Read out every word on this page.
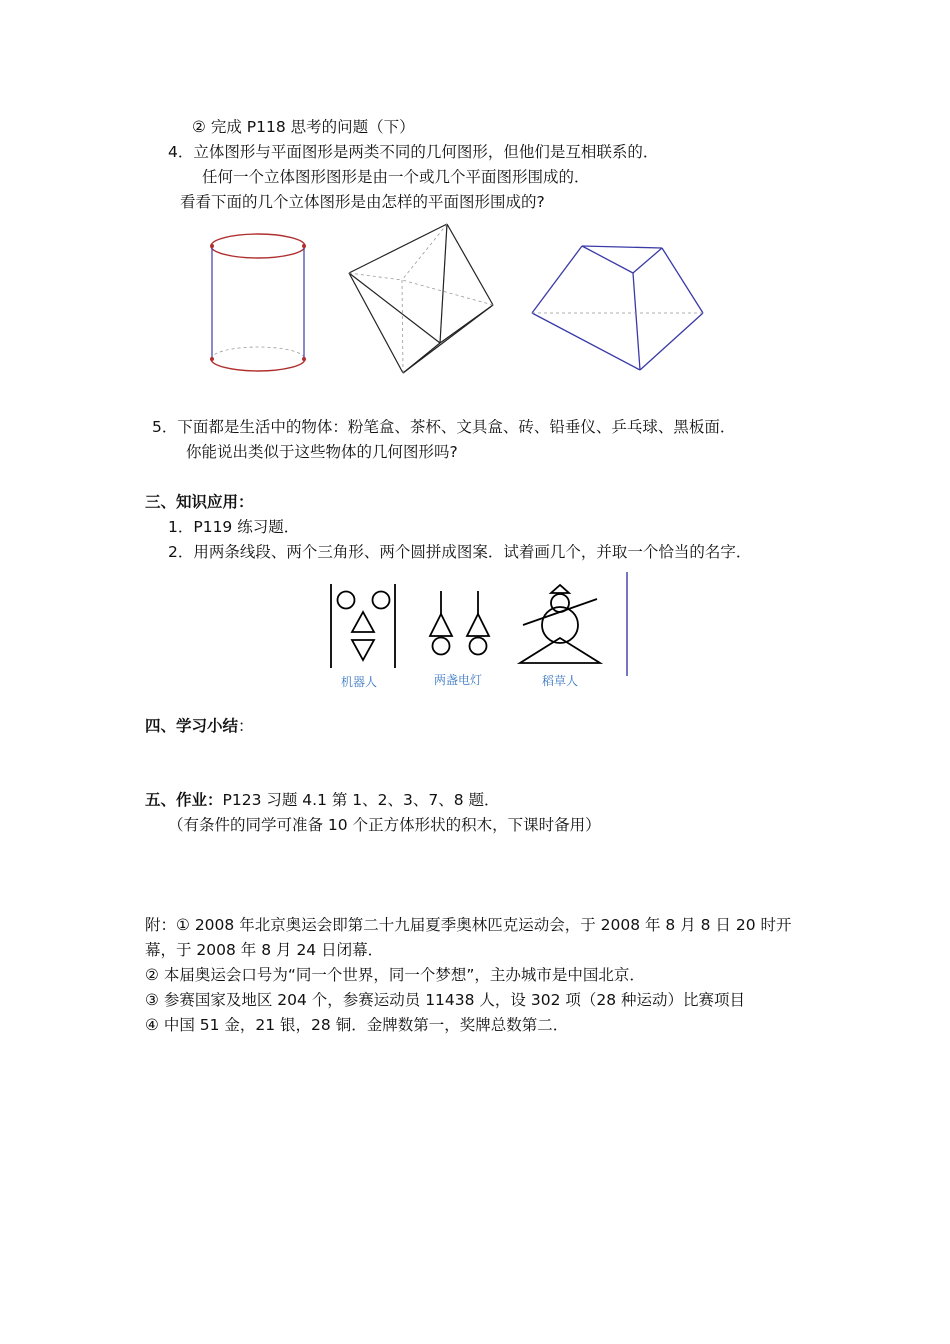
② 完成 P118 思考的问题（下）
4．立体图形与平面图形是两类不同的几何图形，但他们是互相联系的．
任何一个立体图形图形是由一个或几个平面图形围成的．
看看下面的几个立体图形是由怎样的平面图形围成的?
5．下面都是生活中的物体：粉笔盒、茶杯、文具盒、砖、铅垂仪、乒乓球、黑板面．
你能说出类似于这些物体的几何图形吗?
三、知识应用：
1．P119 练习题．
2．用两条线段、两个三角形、两个圆拼成图案．试着画几个，并取一个恰当的名字．
机器人	两盏电灯	稻草人
四、学习小结：
五、作业：P123 习题 4.1 第 1、2、3、7、8 题．
（有条件的同学可准备 10 个正方体形状的积木，下课时备用）
附：① 2008 年北京奥运会即第二十九届夏季奥林匹克运动会，于 2008 年 8 月 8 日 20 时开
幕，于 2008 年 8 月 24 日闭幕．
② 本届奥运会口号为“同一个世界，同一个梦想”，主办城市是中国北京．
③ 参赛国家及地区 204 个，参赛运动员 11438 人，设 302 项（28 种运动）比赛项目
④ 中国 51 金，21 银，28 铜．金牌数第一，奖牌总数第二．
